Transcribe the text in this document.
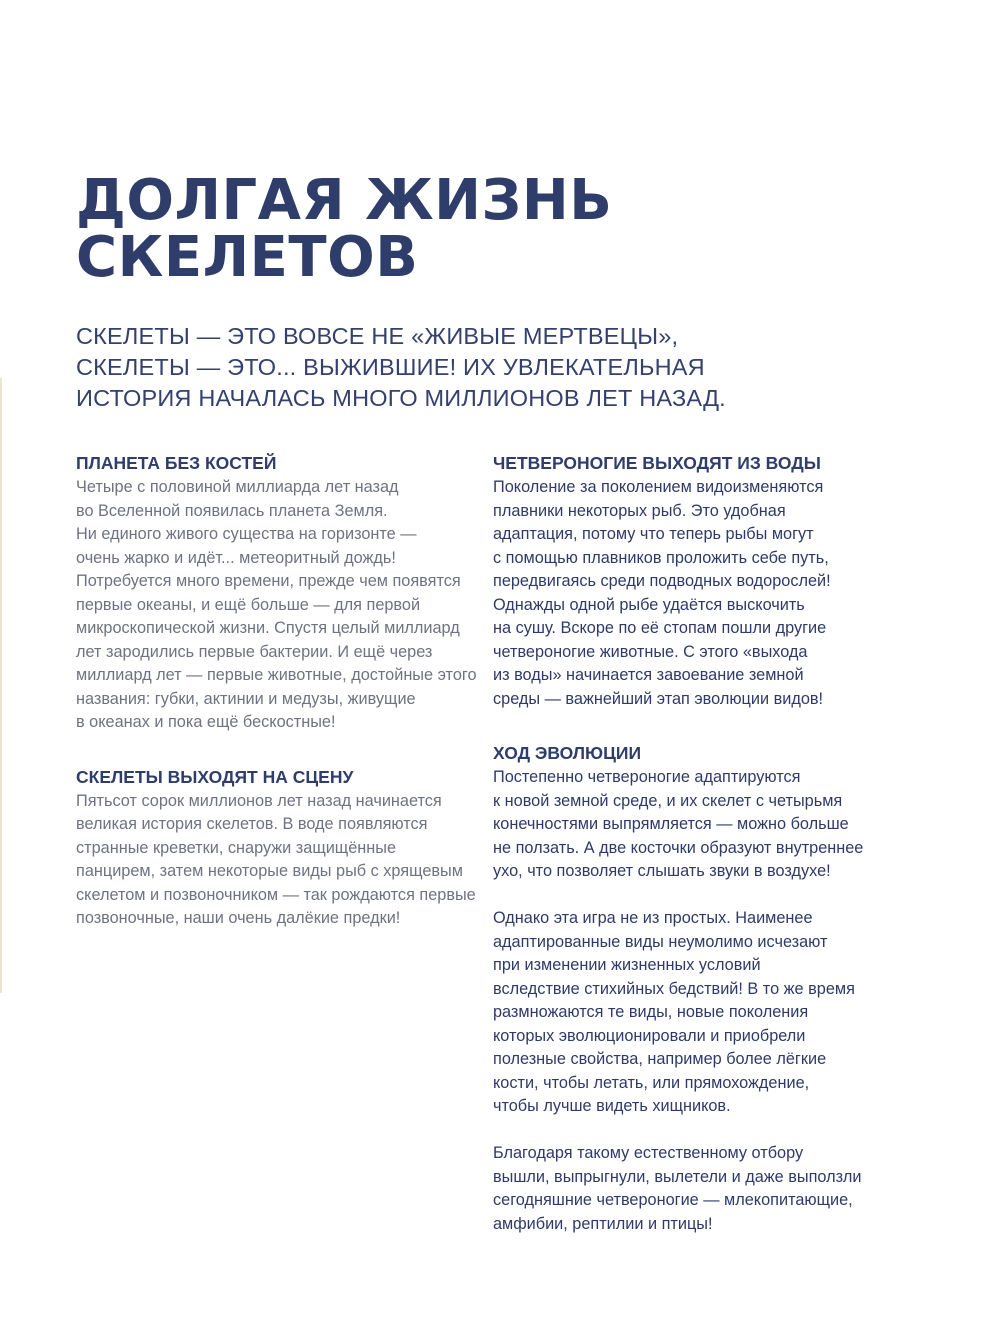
ДОЛГАЯ ЖИЗНЬ
СКЕЛЕТОВ

СКЕЛЕТЫ — ЭТО ВОВСЕ НЕ «ЖИВЫЕ МЕРТВЕЦЫ»,
СКЕЛЕТЫ — ЭТО... ВЫЖИВШИЕ! ИХ УВЛЕКАТЕЛЬНАЯ
ИСТОРИЯ НАЧАЛАСЬ МНОГО МИЛЛИОНОВ ЛЕТ НАЗАД.

ПЛАНЕТА БЕЗ КОСТЕЙ

Четыре с половиной миллиарда лет назад
во Вселенной появилась планета Земля.
Ни единого живого существа на горизонте —
очень жарко и идёт... метеоритный дождь!
Потребуется много времени, прежде чем появятся
первые океаны, и ещё больше — для первой
микроскопической жизни. Спустя целый миллиард
лет зародились первые бактерии. И ещё через
миллиард лет — первые животные, достойные этого
названия: губки, актинии и медузы, живущие
в океанах и пока ещё бескостные!

СКЕЛЕТЫ ВЫХОДЯТ НА СЦЕНУ

Пятьсот сорок миллионов лет назад начинается
великая история скелетов. В воде появляются
странные креветки, снаружи защищённые
панцирем, затем некоторые виды рыб с хрящевым
скелетом и позвоночником — так рождаются первые
позвоночные, наши очень далёкие предки!

ЧЕТВЕРОНОГИЕ ВЫХОДЯТ ИЗ ВОДЫ

Поколение за поколением видоизменяются
плавники некоторых рыб. Это удобная
адаптация, потому что теперь рыбы могут
с помощью плавников проложить себе путь,
передвигаясь среди подводных водорослей!
Однажды одной рыбе удаётся выскочить
на сушу. Вскоре по её стопам пошли другие
четвероногие животные. С этого «выхода
из воды» начинается завоевание земной
среды — важнейший этап эволюции видов!

ХОД ЭВОЛЮЦИИ

Постепенно четвероногие адаптируются
к новой земной среде, и их скелет с четырьмя
конечностями выпрямляется — можно больше
не ползать. А две косточки образуют внутреннее
ухо, что позволяет слышать звуки в воздухе!
Однако эта игра не из простых. Наименее
адаптированные виды неумолимо исчезают
при изменении жизненных условий
вследствие стихийных бедствий! В то же время
размножаются те виды, новые поколения
которых эволюционировали и приобрели
полезные свойства, например более лёгкие
кости, чтобы летать, или прямохождение,
чтобы лучше видеть хищников.
Благодаря такому естественному отбору
вышли, выпрыгнули, вылетели и даже выползли
сегодняшние четвероногие — млекопитающие,
амфибии, рептилии и птицы!
